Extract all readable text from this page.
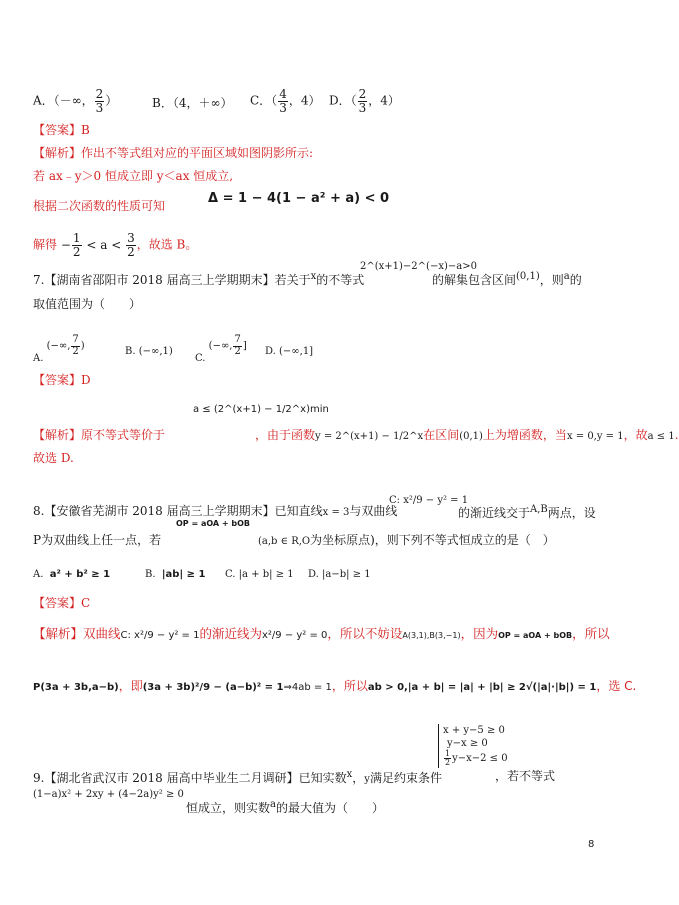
A．（－∞， $\frac{2}{3}$ ）	B．（4，＋∞） C．（ $\frac{4}{3}$ ，4） D．（ $\frac{2}{3}$ ，4）
【答案】B
【解析】作出不等式组对应的平面区域如图阴影所示:
若 ax﹣y＞0 恒成立即 y＜ax 恒成立,
根据二次函数的性质可知	Δ = 1 − 4(1 − a² + a) < 0
解得 − $\frac{1}{2} < a < \frac{3}{2}$ ，故选 B。
7.【湖南省邵阳市 2018 届高三上学期期末】若关于$^x$的不等式
2^(x+1)−2^(−x)−a>0
的解集包含区间$^{(0,1)}$，则$^a$的
取值范围为（　　）
A. (−∞, $\frac{7}{2}$ )	B. (−∞,1)
C. (−∞, $\frac{7}{2}$ ] D. (−∞,1]
【答案】D
a ≤ (2^(x+1) − 1/2^x)min
【解析】原不等式等价于	，由于函数y = 2^(x+1) − 1/2^x在区间(0,1)上为增函数，当x = 0,y = 1，故a ≤ 1.
故选 D.
8.【安徽省芜湖市 2018 届高三上学期期末】已知直线x = 3与双曲线
C: x²/9 − y² = 1
的渐近线交于$^{A,B}$两点，设
OP = aOA + bOB
P为双曲线上任一点，若	(a,b ∈ R,O为坐标原点)，则下列不等式恒成立的是（　）
A. a² + b² ≥ 1	B. |ab| ≥ 1 C. |a + b| ≥ 1 D. |a−b| ≥ 1
【答案】C
【解析】双曲线C: x²/9 − y² = 1的渐近线为x²/9 − y² = 0，所以不妨设A(3,1),B(3,−1)，因为OP = aOA + bOB，所以
P(3a + 3b,a−b)，即(3a + 3b)²/9 − (a−b)² = 1⇒4ab = 1，所以ab > 0,|a + b| = |a| + |b| ≥ 2√(|a|·|b|) = 1，选 C.
x + y−5 ≥ 0
y−x ≥ 0
$\frac{1}{2} y-x-2 \le 0$
9.【湖北省武汉市 2018 届高中毕业生二月调研】已知实数$^x$，y满足约束条件	，若不等式
(1−a)x² + 2xy + (4−2a)y² ≥ 0
恒成立，则实数$^a$的最大值为（　　）
8
